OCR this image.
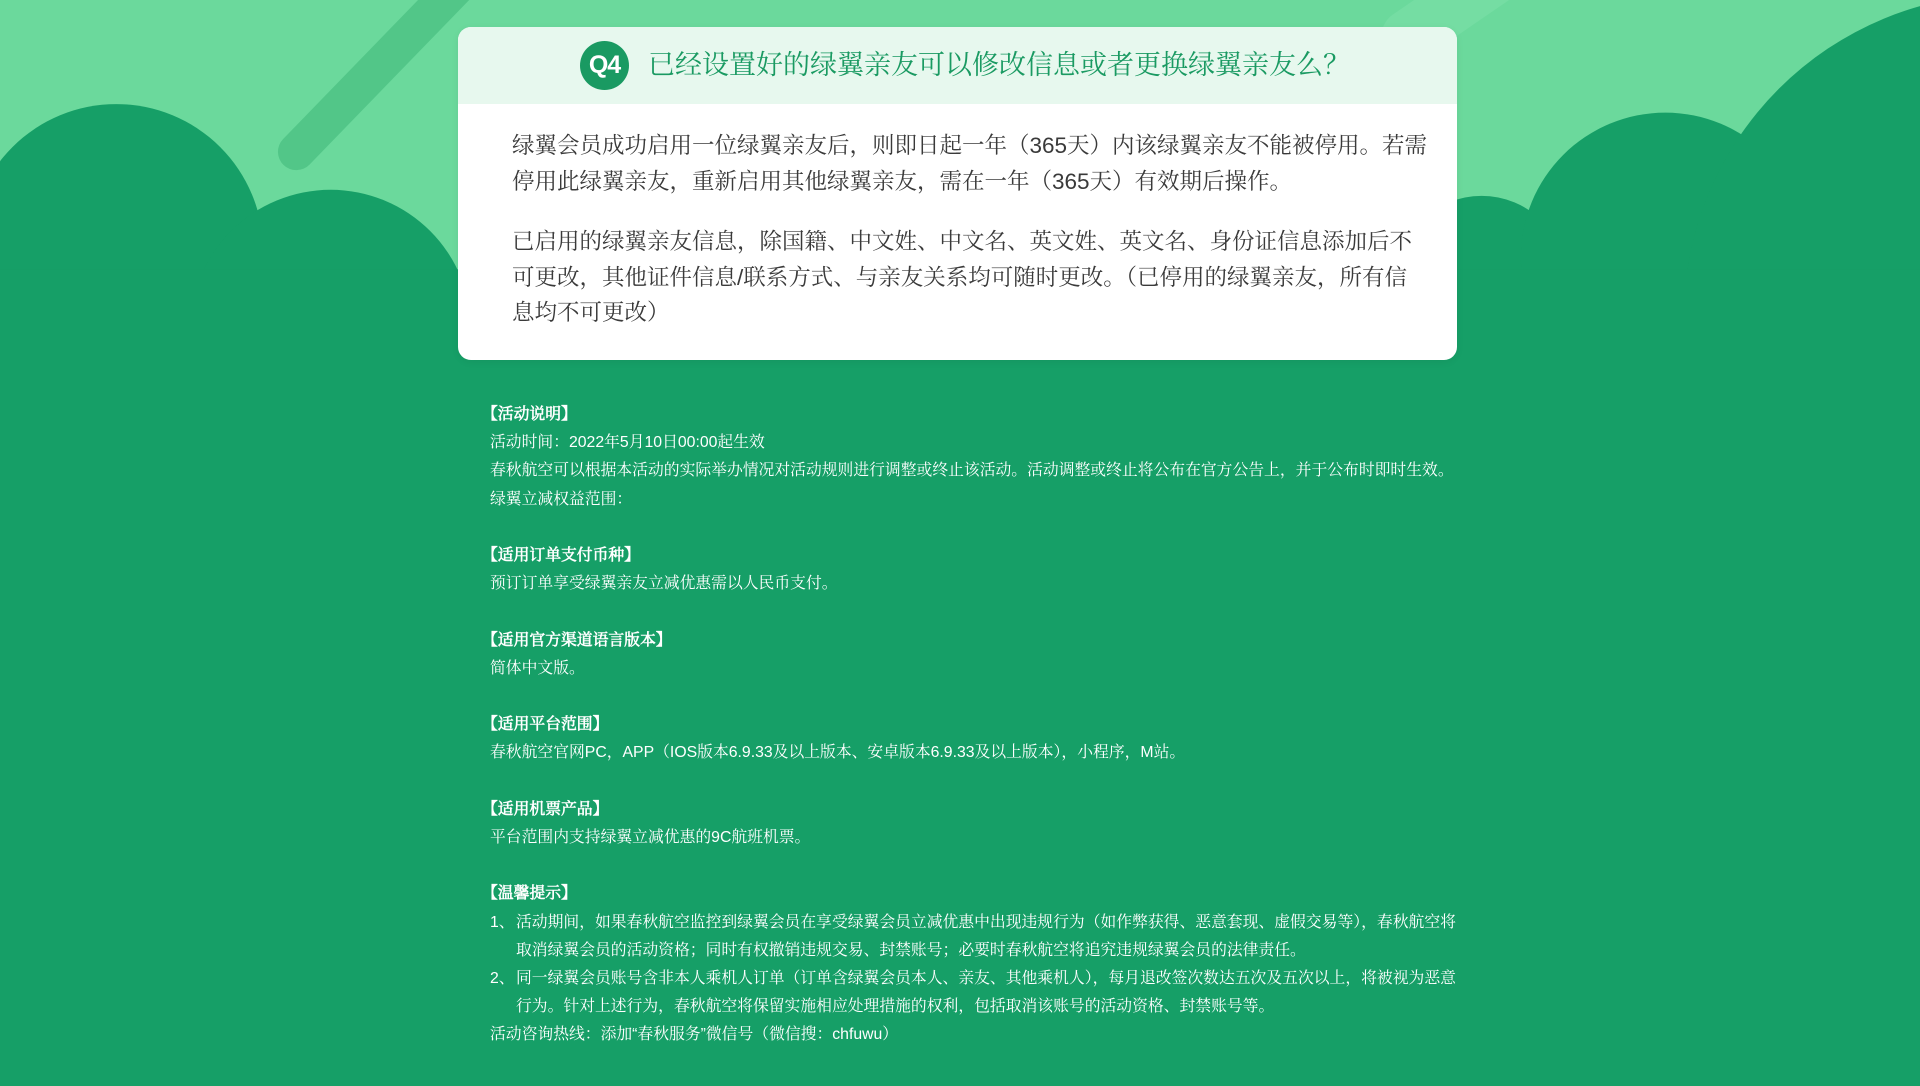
Q4	已经设置好的绿翼亲友可以修改信息或者更换绿翼亲友么？
绿翼会员成功启用一位绿翼亲友后，则即日起一年（365天）内该绿翼亲友不能被停用。若需
停用此绿翼亲友，重新启用其他绿翼亲友，需在一年（365天）有效期后操作。
已启用的绿翼亲友信息，除国籍、中文姓、中文名、英文姓、英文名、身份证信息添加后不
可更改，其他证件信息/联系方式、与亲友关系均可随时更改。（已停用的绿翼亲友，所有信
息均不可更改）
【活动说明】
活动时间：2022年5月10日00:00起生效
春秋航空可以根据本活动的实际举办情况对活动规则进行调整或终止该活动。活动调整或终止将公布在官方公告上，并于公布时即时生效。
绿翼立减权益范围：
【适用订单支付币种】
预订订单享受绿翼亲友立减优惠需以人民币支付。
【适用官方渠道语言版本】
简体中文版。
【适用平台范围】
春秋航空官网PC，APP（IOS版本6.9.33及以上版本、安卓版本6.9.33及以上版本），小程序，M站。
【适用机票产品】
平台范围内支持绿翼立减优惠的9C航班机票。
【温馨提示】
1、 活动期间，如果春秋航空监控到绿翼会员在享受绿翼会员立减优惠中出现违规行为（如作弊获得、恶意套现、虚假交易等），春秋航空将
取消绿翼会员的活动资格；同时有权撤销违规交易、封禁账号；必要时春秋航空将追究违规绿翼会员的法律责任。
2、 同一绿翼会员账号含非本人乘机人订单（订单含绿翼会员本人、亲友、其他乘机人），每月退改签次数达五次及五次以上，将被视为恶意
行为。针对上述行为，春秋航空将保留实施相应处理措施的权利，包括取消该账号的活动资格、封禁账号等。
活动咨询热线：添加“春秋服务”微信号（微信搜：chfuwu）
